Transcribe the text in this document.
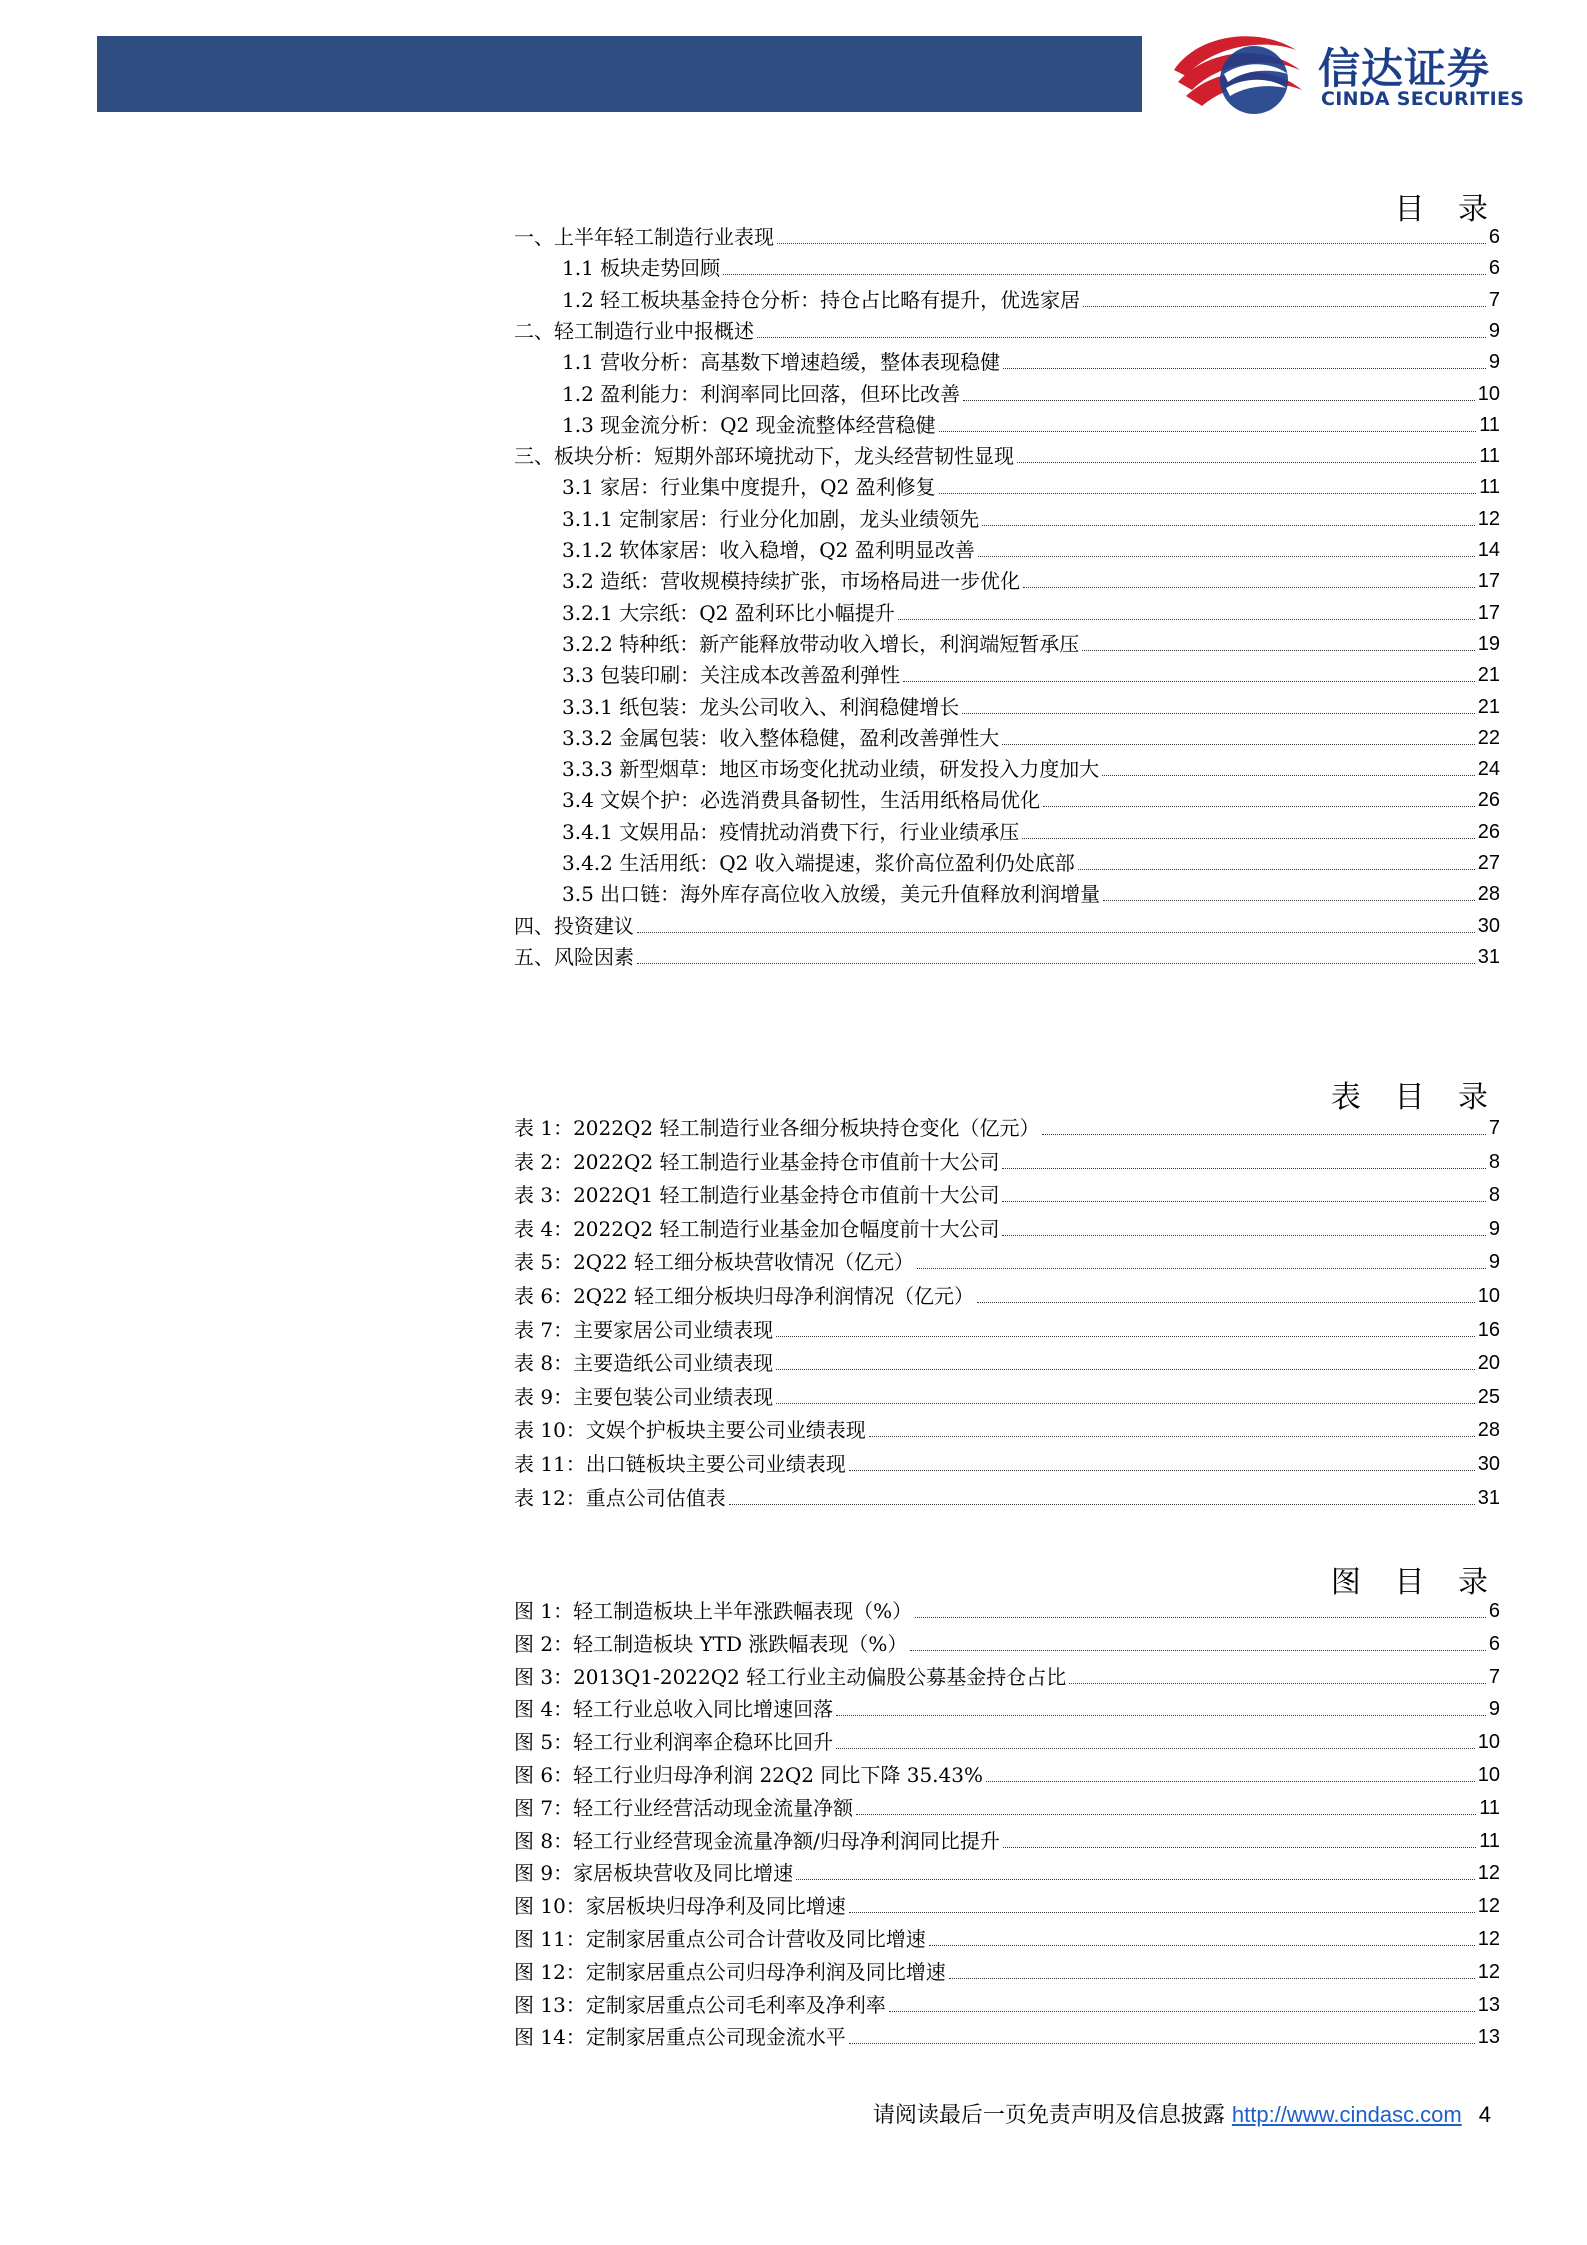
信达证券
CINDA SECURITIES
目 录
一、上半年轻工制造行业表现	6
1.1 板块走势回顾	6
1.2 轻工板块基金持仓分析：持仓占比略有提升，优选家居	7
二、轻工制造行业中报概述	9
1.1 营收分析：高基数下增速趋缓，整体表现稳健	9
1.2 盈利能力：利润率同比回落，但环比改善	10
1.3 现金流分析：Q2 现金流整体经营稳健	11
三、板块分析：短期外部环境扰动下，龙头经营韧性显现	11
3.1 家居：行业集中度提升，Q2 盈利修复	11
3.1.1 定制家居：行业分化加剧，龙头业绩领先	12
3.1.2 软体家居：收入稳增，Q2 盈利明显改善	14
3.2 造纸：营收规模持续扩张，市场格局进一步优化	17
3.2.1 大宗纸：Q2 盈利环比小幅提升	17
3.2.2 特种纸：新产能释放带动收入增长，利润端短暂承压	19
3.3 包装印刷：关注成本改善盈利弹性	21
3.3.1 纸包装：龙头公司收入、利润稳健增长	21
3.3.2 金属包装：收入整体稳健，盈利改善弹性大	22
3.3.3 新型烟草：地区市场变化扰动业绩，研发投入力度加大	24
3.4 文娱个护：必选消费具备韧性，生活用纸格局优化	26
3.4.1 文娱用品：疫情扰动消费下行，行业业绩承压	26
3.4.2 生活用纸：Q2 收入端提速，浆价高位盈利仍处底部	27
3.5 出口链：海外库存高位收入放缓，美元升值释放利润增量	28
四、投资建议	30
五、风险因素	31
表 目 录
表 1：2022Q2 轻工制造行业各细分板块持仓变化（亿元）	7
表 2：2022Q2 轻工制造行业基金持仓市值前十大公司	8
表 3：2022Q1 轻工制造行业基金持仓市值前十大公司	8
表 4：2022Q2 轻工制造行业基金加仓幅度前十大公司	9
表 5：2Q22 轻工细分板块营收情况（亿元）	9
表 6：2Q22 轻工细分板块归母净利润情况（亿元）	10
表 7：主要家居公司业绩表现	16
表 8：主要造纸公司业绩表现	20
表 9：主要包装公司业绩表现	25
表 10：文娱个护板块主要公司业绩表现	28
表 11：出口链板块主要公司业绩表现	30
表 12：重点公司估值表	31
图 目 录
图 1：轻工制造板块上半年涨跌幅表现（%）	6
图 2：轻工制造板块 YTD 涨跌幅表现（%）	6
图 3：2013Q1-2022Q2 轻工行业主动偏股公募基金持仓占比	7
图 4：轻工行业总收入同比增速回落	9
图 5：轻工行业利润率企稳环比回升	10
图 6：轻工行业归母净利润 22Q2 同比下降 35.43%	10
图 7：轻工行业经营活动现金流量净额	11
图 8：轻工行业经营现金流量净额/归母净利润同比提升	11
图 9：家居板块营收及同比增速	12
图 10：家居板块归母净利及同比增速	12
图 11：定制家居重点公司合计营收及同比增速	12
图 12：定制家居重点公司归母净利润及同比增速	12
图 13：定制家居重点公司毛利率及净利率	13
图 14：定制家居重点公司现金流水平	13
请阅读最后一页免责声明及信息披露 http://www.cindasc.com 4
